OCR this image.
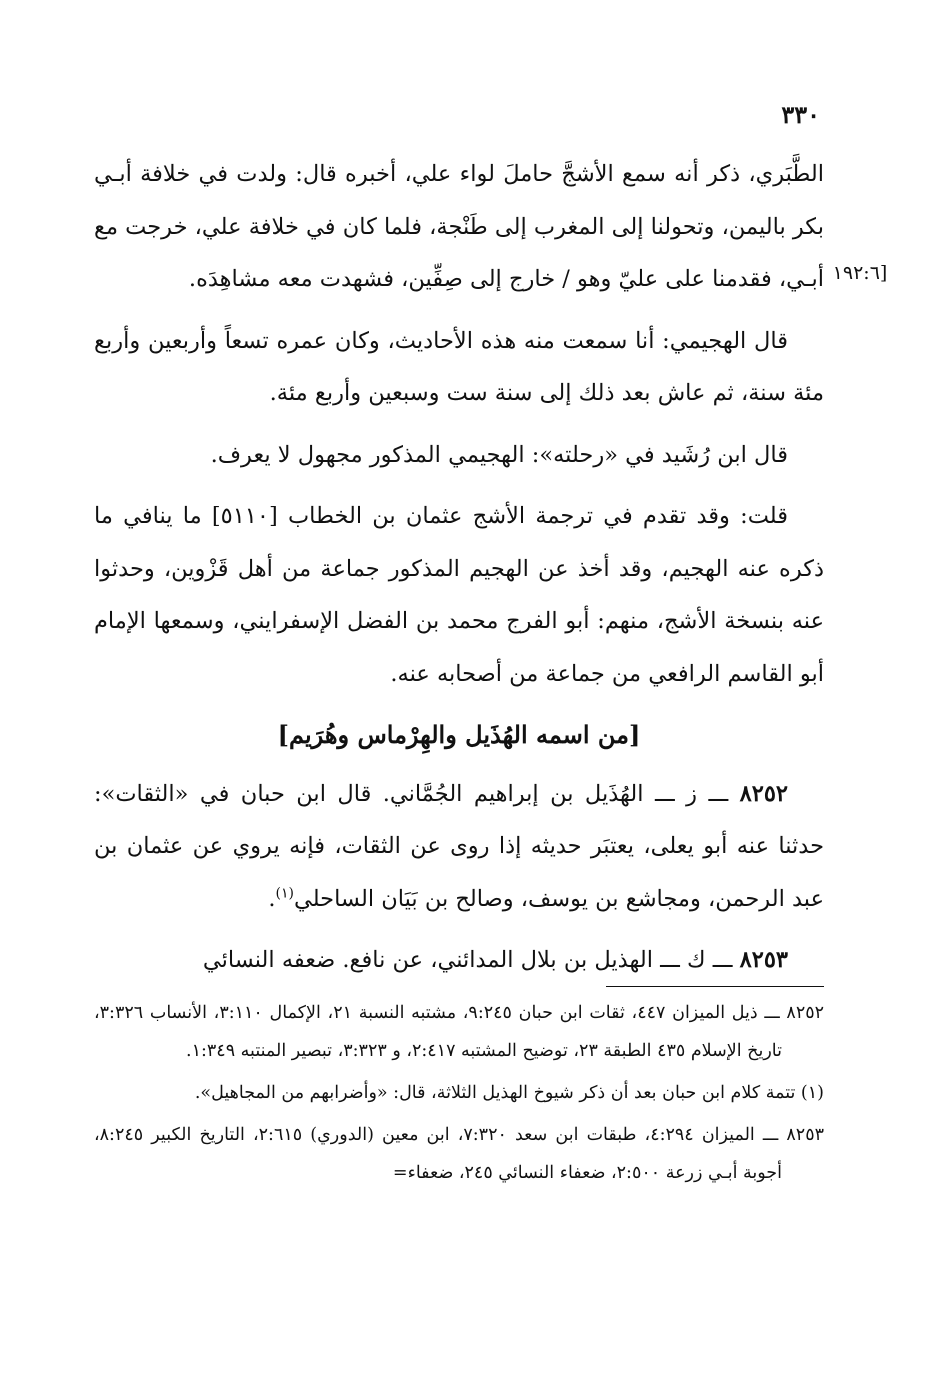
٣٣٠
[١٩٢:٦

الطَّبَري، ذكر أنه سمع الأشجَّ حاملَ لواء علي، أخبره قال: ولدت في خلافة أبـي بكر باليمن، وتحولنا إلى المغرب إلى طَنْجة، فلما كان في خلافة علي، خرجت مع أبـي، فقدمنا على عليّ وهو / خارج إلى صِفِّين، فشهدت معه مشاهِدَه.

قال الهجيمي: أنا سمعت منه هذه الأحاديث، وكان عمره تسعاً وأربعين وأربع مئة سنة، ثم عاش بعد ذلك إلى سنة ست وسبعين وأربع مئة.

قال ابن رُشَيد في «رحلته»: الهجيمي المذكور مجهول لا يعرف.

قلت: وقد تقدم في ترجمة الأشج عثمان بن الخطاب [٥١١٠] ما ينافي ما ذكره عنه الهجيم، وقد أخذ عن الهجيم المذكور جماعة من أهل قَزْوين، وحدثوا عنه بنسخة الأشج، منهم: أبو الفرج محمد بن الفضل الإسفرايني، وسمعها الإمام أبو القاسم الرافعي من جماعة من أصحابه عنه.

[من اسمه الهُذَيل والهِرْماس وهُرَيم]

٨٢٥٢ ـــ ز ـــ الهُذَيل بن إبراهيم الجُمَّاني. قال ابن حبان في «الثقات»: حدثنا عنه أبو يعلى، يعتبَر حديثه إذا روى عن الثقات، فإنه يروي عن عثمان بن عبد الرحمن، ومجاشع بن يوسف، وصالح بن بَيَان الساحلي$^{(١)}$.

٨٢٥٣ ـــ ك ـــ الهذيل بن بلال المدائني، عن نافع. ضعفه النسائي

٨٢٥٢ ـــ ذيل الميزان ٤٤٧، ثقات ابن حبان ٩:٢٤٥، مشتبه النسبة ٢١، الإكمال ٣:١١٠، الأنساب ٣:٣٢٦، تاريخ الإسلام ٤٣٥ الطبقة ٢٣، توضيح المشتبه ٢:٤١٧، و ٣:٣٢٣، تبصير المنتبه ١:٣٤٩.

(١) تتمة كلام ابن حبان بعد أن ذكر شيوخ الهذيل الثلاثة، قال: «وأضرابهم من المجاهيل».

٨٢٥٣ ـــ الميزان ٤:٢٩٤، طبقات ابن سعد ٧:٣٢٠، ابن معين (الدوري) ٢:٦١٥، التاريخ الكبير ٨:٢٤٥، أجوبة أبـي زرعة ٢:٥٠٠، ضعفاء النسائي ٢٤٥، ضعفاء=
